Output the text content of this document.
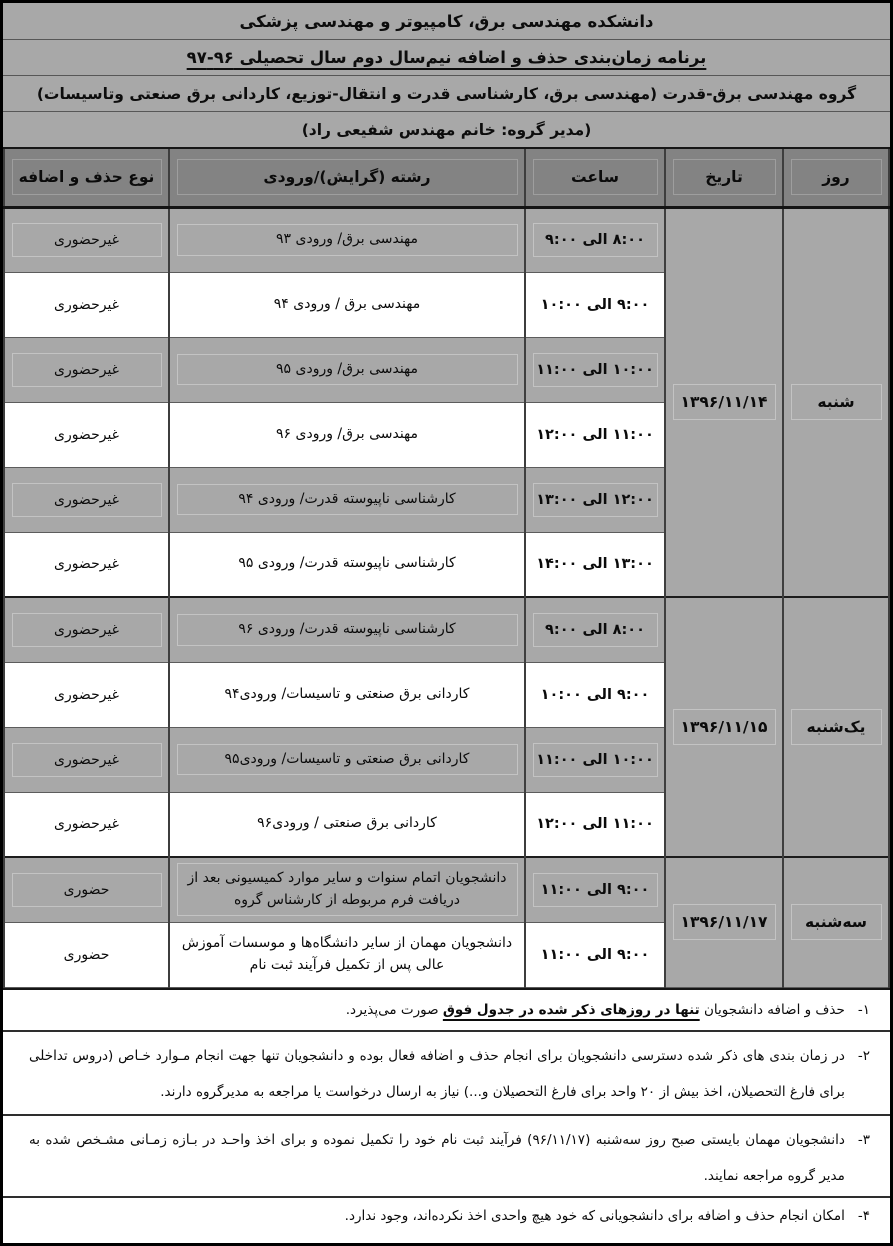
دانشکده مهندسی برق، کامپیوتر و مهندسی پزشکی
برنامه زمان‌بندی حذف و اضافه نیم‌سال دوم سال تحصیلی ۹۶-۹۷
گروه مهندسی برق-قدرت (مهندسی برق، کارشناسی قدرت و انتقال-توزیع، کاردانی برق صنعتی وتاسیسات)
(مدیر گروه: خانم مهندس شفیعی راد)
روز	تاریخ	ساعت	رشته (گرایش)/ورودی	نوع حذف و اضافه

شنبه	۱۳۹۶/۱۱/۱۴	۸:۰۰ الی ۹:۰۰	مهندسی برق/ ورودی ۹۳	غیرحضوری

		۹:۰۰ الی ۱۰:۰۰	مهندسی برق / ورودی ۹۴	غیرحضوری

		۱۰:۰۰ الی ۱۱:۰۰	مهندسی برق/ ورودی ۹۵	غیرحضوری

		۱۱:۰۰ الی ۱۲:۰۰	مهندسی برق/ ورودی ۹۶	غیرحضوری

		۱۲:۰۰ الی ۱۳:۰۰	کارشناسی ناپیوسته قدرت/ ورودی ۹۴	غیرحضوری

		۱۳:۰۰ الی ۱۴:۰۰	کارشناسی ناپیوسته قدرت/ ورودی ۹۵	غیرحضوری

یک‌شنبه	۱۳۹۶/۱۱/۱۵	۸:۰۰ الی ۹:۰۰	کارشناسی ناپیوسته قدرت/ ورودی ۹۶	غیرحضوری

		۹:۰۰ الی ۱۰:۰۰	کاردانی برق صنعتی و تاسیسات/ ورودی۹۴	غیرحضوری

		۱۰:۰۰ الی ۱۱:۰۰	کاردانی برق صنعتی و تاسیسات/ ورودی۹۵	غیرحضوری

		۱۱:۰۰ الی ۱۲:۰۰	کاردانی برق صنعتی / ورودی۹۶	غیرحضوری

سه‌شنبه	۱۳۹۶/۱۱/۱۷	۹:۰۰ الی ۱۱:۰۰	دانشجویان اتمام سنوات و سایر موارد کمیسیونی بعد از دریافت فرم مربوطه از کارشناس گروه	حضوری

		۹:۰۰ الی ۱۱:۰۰	دانشجویان مهمان از سایر دانشگاه‌ها و موسسات آموزش عالی پس از تکمیل فرآیند ثبت نام	حضوری
۱-
حذف و اضافه دانشجویان تنها در روزهای ذکر شده در جدول فوق صورت می‌پذیرد.
۲-
در زمان بندی های ذکر شده دسترسی دانشجویان برای انجام حذف و اضافه فعال بوده و دانشجویان تنها جهت انجام مـوارد خـاص (دروس تداخلی برای فارغ التحصیلان، اخذ بیش از ۲۰ واحد برای فارغ التحصیلان و...) نیاز به ارسال درخواست یا مراجعه به مدیرگروه دارند.
۳-
دانشجویان مهمان بایستی صبح روز سه‌شنبه (۹۶/۱۱/۱۷) فرآیند ثبت نام خود را تکمیل نموده و برای اخذ واحـد در بـازه زمـانی مشـخص شده به مدیر گروه مراجعه نمایند.
۴-
امکان انجام حذف و اضافه برای دانشجویانی که خود هیچ واحدی اخذ نکرده‌اند، وجود ندارد.
